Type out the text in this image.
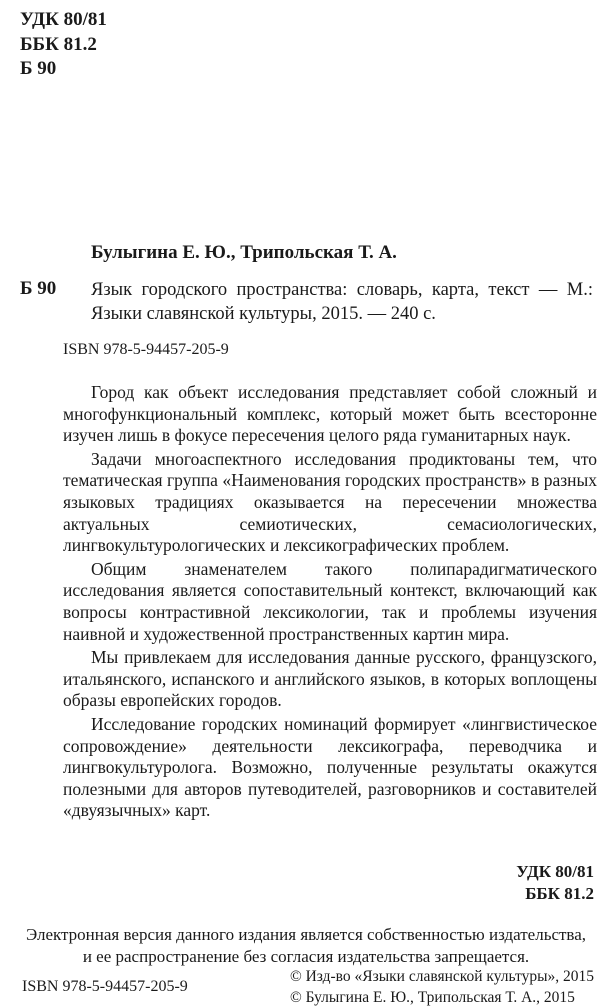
УДК 80/81
ББК 81.2
Б 90
Булыгина Е. Ю., Трипольская Т. А.
Б 90 Язык городского пространства: словарь, карта, текст — М.:
Языки славянской культуры, 2015. — 240 с.
ISBN 978-5-94457-205-9

Город как объект исследования представляет собой сложный и многофункциональный комплекс, который может быть всесторонне изучен лишь в фокусе пересечения целого ряда гуманитарных наук.

Задачи многоаспектного исследования продиктованы тем, что тематическая группа «Наименования городских пространств» в разных языковых традициях оказывается на пересечении множества актуальных семиотических, семасиологических, лингвокультурологических и лексикографических проблем.

Общим знаменателем такого полипарадигматического исследования является сопоставительный контекст, включающий как вопросы контрастивной лексикологии, так и проблемы изучения наивной и художественной пространственных картин мира.

Мы привлекаем для исследования данные русского, французского, итальянского, испанского и английского языков, в которых воплощены образы европейских городов.

Исследование городских номинаций формирует «лингвистическое сопровождение» деятельности лексикографа, переводчика и лингвокультуролога. Возможно, полученные результаты окажутся полезными для авторов путеводителей, разговорников и составителей «двуязычных» карт.

УДК 80/81
ББК 81.2
Электронная версия данного издания является собственностью издательства,
и ее распространение без согласия издательства запрещается.
ISBN 978-5-94457-205-9
© Изд-во «Языки славянской культуры», 2015
© Булыгина Е. Ю., Трипольская Т. А., 2015
